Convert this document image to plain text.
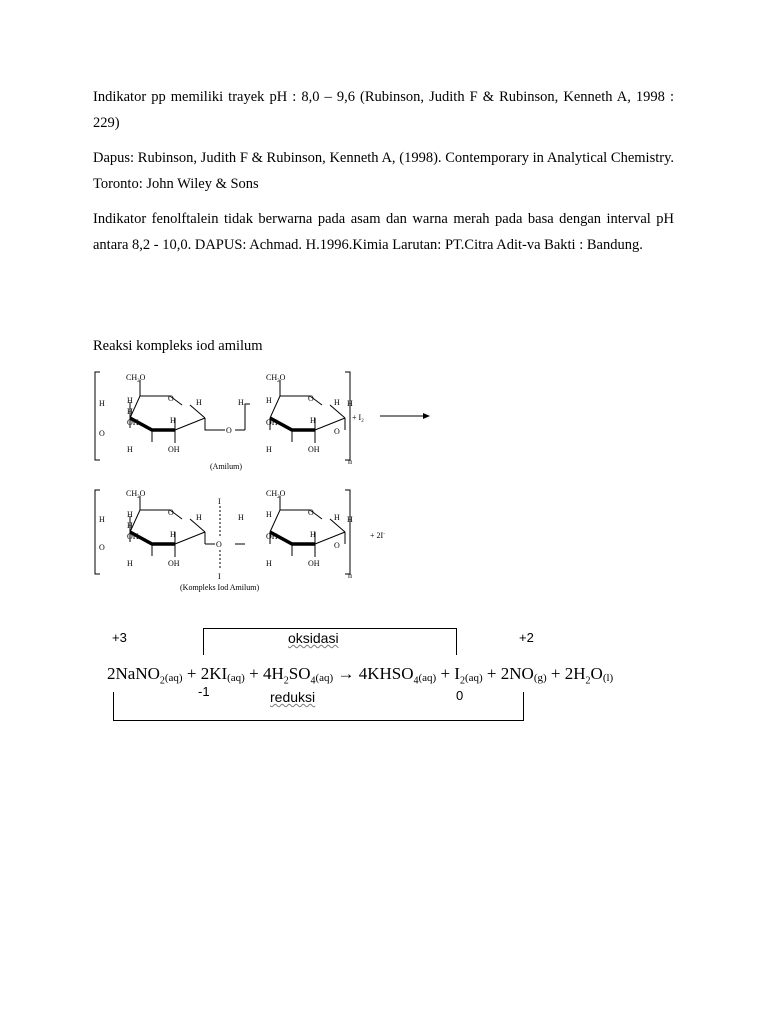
Indikator pp memiliki trayek pH : 8,0 – 9,6 (Rubinson, Judith F & Rubinson, Kenneth A, 1998 : 229)

Dapus: Rubinson, Judith F & Rubinson, Kenneth A, (1998). Contemporary in Analytical Chemistry. Toronto: John Wiley & Sons

Indikator fenolftalein tidak berwarna pada asam dan warna merah pada basa dengan interval pH antara 8,2 - 10,0. DAPUS: Achmad. H.1996.Kimia Larutan: PT.Citra Adit-va Bakti : Bandung.

Reaksi kompleks iod amilum

$CH_2O$	$CH_2O$
H
O
H
H
OH
H
O
H
OH
H
O
H	H
OH
H
O
H
OH
H
O
H
n
+ $I_2$
(Amilum)
$CH_2O$	$CH_2O$
H
O
H
H
OH
H
O
H
OH
H
I
O
I
H	H
OH
H
O
H
OH
H
O
H
n
+ 2I-
(Kompleks Iod Amilum)
+3	oksidasi	+2
2NaNO$_2$(aq) + $2KI(aq) + 4H_2SO_4(aq)$ → $4KHSO_4(aq) + I_2(aq) + 2NO(g) + 2H_2O(l)$
-1	reduksi	0
